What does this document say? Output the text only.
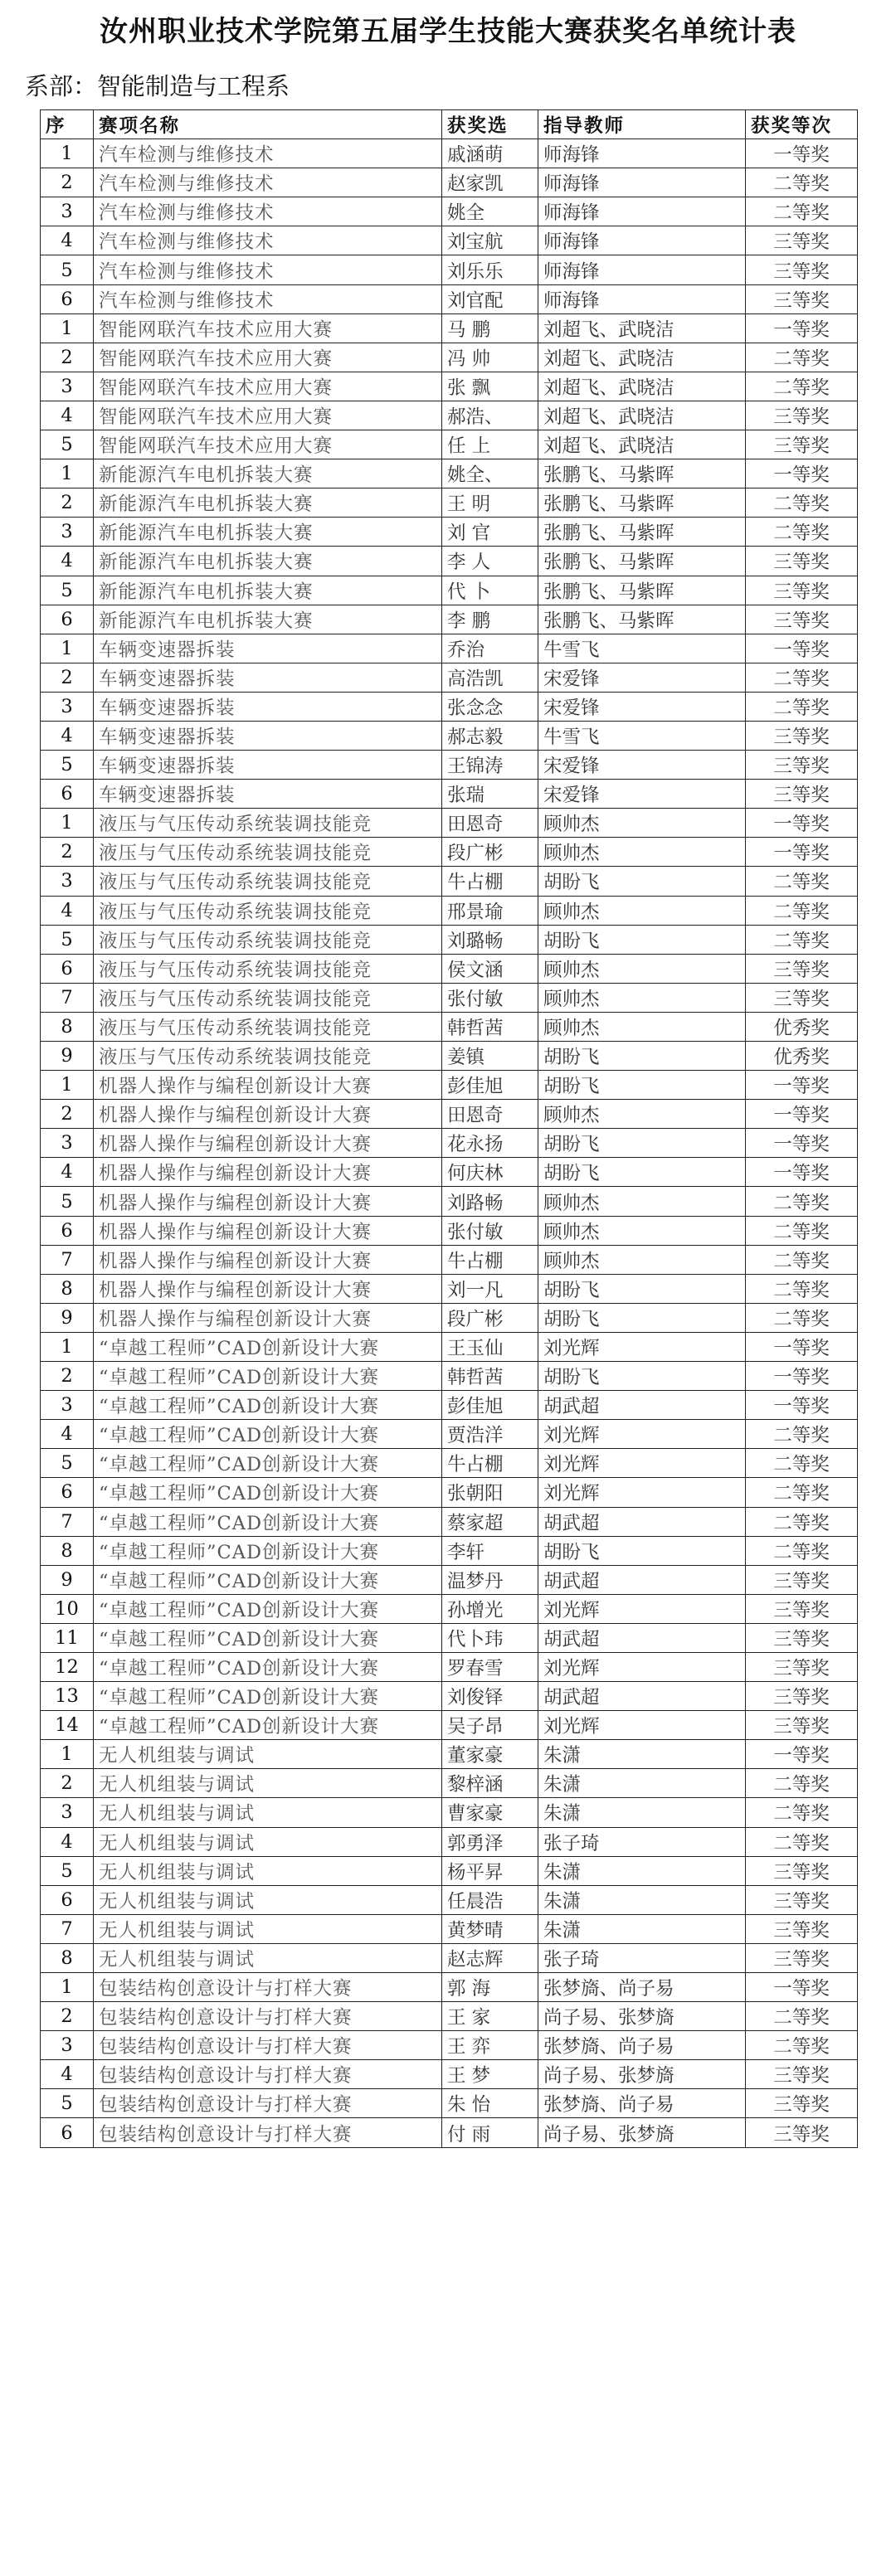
汝州职业技术学院第五届学生技能大赛获奖名单统计表
系部：智能制造与工程系
序	赛项名称	获奖选	指导教师	获奖等次
1	汽车检测与维修技术	戚涵萌	师海锋	一等奖
2	汽车检测与维修技术	赵家凯	师海锋	二等奖
3	汽车检测与维修技术	姚全	师海锋	二等奖
4	汽车检测与维修技术	刘宝航	师海锋	三等奖
5	汽车检测与维修技术	刘乐乐	师海锋	三等奖
6	汽车检测与维修技术	刘官配	师海锋	三等奖
1	智能网联汽车技术应用大赛	马 鹏	刘超飞、武晓洁	一等奖
2	智能网联汽车技术应用大赛	冯 帅	刘超飞、武晓洁	二等奖
3	智能网联汽车技术应用大赛	张 飘	刘超飞、武晓洁	二等奖
4	智能网联汽车技术应用大赛	郝浩、	刘超飞、武晓洁	三等奖
5	智能网联汽车技术应用大赛	任 上	刘超飞、武晓洁	三等奖
1	新能源汽车电机拆装大赛	姚全、	张鹏飞、马紫晖	一等奖
2	新能源汽车电机拆装大赛	王 明	张鹏飞、马紫晖	二等奖
3	新能源汽车电机拆装大赛	刘 官	张鹏飞、马紫晖	二等奖
4	新能源汽车电机拆装大赛	李 人	张鹏飞、马紫晖	三等奖
5	新能源汽车电机拆装大赛	代 卜	张鹏飞、马紫晖	三等奖
6	新能源汽车电机拆装大赛	李 鹏	张鹏飞、马紫晖	三等奖
1	车辆变速器拆装	乔治	牛雪飞	一等奖
2	车辆变速器拆装	高浩凯	宋爱锋	二等奖
3	车辆变速器拆装	张念念	宋爱锋	二等奖
4	车辆变速器拆装	郝志毅	牛雪飞	三等奖
5	车辆变速器拆装	王锦涛	宋爱锋	三等奖
6	车辆变速器拆装	张瑞	宋爱锋	三等奖
1	液压与气压传动系统装调技能竞	田恩奇	顾帅杰	一等奖
2	液压与气压传动系统装调技能竞	段广彬	顾帅杰	一等奖
3	液压与气压传动系统装调技能竞	牛占棚	胡盼飞	二等奖
4	液压与气压传动系统装调技能竞	邢景瑜	顾帅杰	二等奖
5	液压与气压传动系统装调技能竞	刘璐畅	胡盼飞	二等奖
6	液压与气压传动系统装调技能竞	侯文涵	顾帅杰	三等奖
7	液压与气压传动系统装调技能竞	张付敏	顾帅杰	三等奖
8	液压与气压传动系统装调技能竞	韩哲茜	顾帅杰	优秀奖
9	液压与气压传动系统装调技能竞	姜镇	胡盼飞	优秀奖
1	机器人操作与编程创新设计大赛	彭佳旭	胡盼飞	一等奖
2	机器人操作与编程创新设计大赛	田恩奇	顾帅杰	一等奖
3	机器人操作与编程创新设计大赛	花永扬	胡盼飞	一等奖
4	机器人操作与编程创新设计大赛	何庆林	胡盼飞	一等奖
5	机器人操作与编程创新设计大赛	刘路畅	顾帅杰	二等奖
6	机器人操作与编程创新设计大赛	张付敏	顾帅杰	二等奖
7	机器人操作与编程创新设计大赛	牛占棚	顾帅杰	二等奖
8	机器人操作与编程创新设计大赛	刘一凡	胡盼飞	二等奖
9	机器人操作与编程创新设计大赛	段广彬	胡盼飞	二等奖
1	“卓越工程师”CAD创新设计大赛	王玉仙	刘光辉	一等奖
2	“卓越工程师”CAD创新设计大赛	韩哲茜	胡盼飞	一等奖
3	“卓越工程师”CAD创新设计大赛	彭佳旭	胡武超	一等奖
4	“卓越工程师”CAD创新设计大赛	贾浩洋	刘光辉	二等奖
5	“卓越工程师”CAD创新设计大赛	牛占棚	刘光辉	二等奖
6	“卓越工程师”CAD创新设计大赛	张朝阳	刘光辉	二等奖
7	“卓越工程师”CAD创新设计大赛	蔡家超	胡武超	二等奖
8	“卓越工程师”CAD创新设计大赛	李轩	胡盼飞	二等奖
9	“卓越工程师”CAD创新设计大赛	温梦丹	胡武超	三等奖
10	“卓越工程师”CAD创新设计大赛	孙增光	刘光辉	三等奖
11	“卓越工程师”CAD创新设计大赛	代卜玮	胡武超	三等奖
12	“卓越工程师”CAD创新设计大赛	罗春雪	刘光辉	三等奖
13	“卓越工程师”CAD创新设计大赛	刘俊铎	胡武超	三等奖
14	“卓越工程师”CAD创新设计大赛	吴子昂	刘光辉	三等奖
1	无人机组装与调试	董家豪	朱潇	一等奖
2	无人机组装与调试	黎梓涵	朱潇	二等奖
3	无人机组装与调试	曹家豪	朱潇	二等奖
4	无人机组装与调试	郭勇泽	张子琦	二等奖
5	无人机组装与调试	杨平昇	朱潇	三等奖
6	无人机组装与调试	任晨浩	朱潇	三等奖
7	无人机组装与调试	黄梦晴	朱潇	三等奖
8	无人机组装与调试	赵志辉	张子琦	三等奖
1	包装结构创意设计与打样大赛	郭 海	张梦旖、尚子易	一等奖
2	包装结构创意设计与打样大赛	王 家	尚子易、张梦旖	二等奖
3	包装结构创意设计与打样大赛	王 弈	张梦旖、尚子易	二等奖
4	包装结构创意设计与打样大赛	王 梦	尚子易、张梦旖	三等奖
5	包装结构创意设计与打样大赛	朱 怡	张梦旖、尚子易	三等奖
6	包装结构创意设计与打样大赛	付 雨	尚子易、张梦旖	三等奖
